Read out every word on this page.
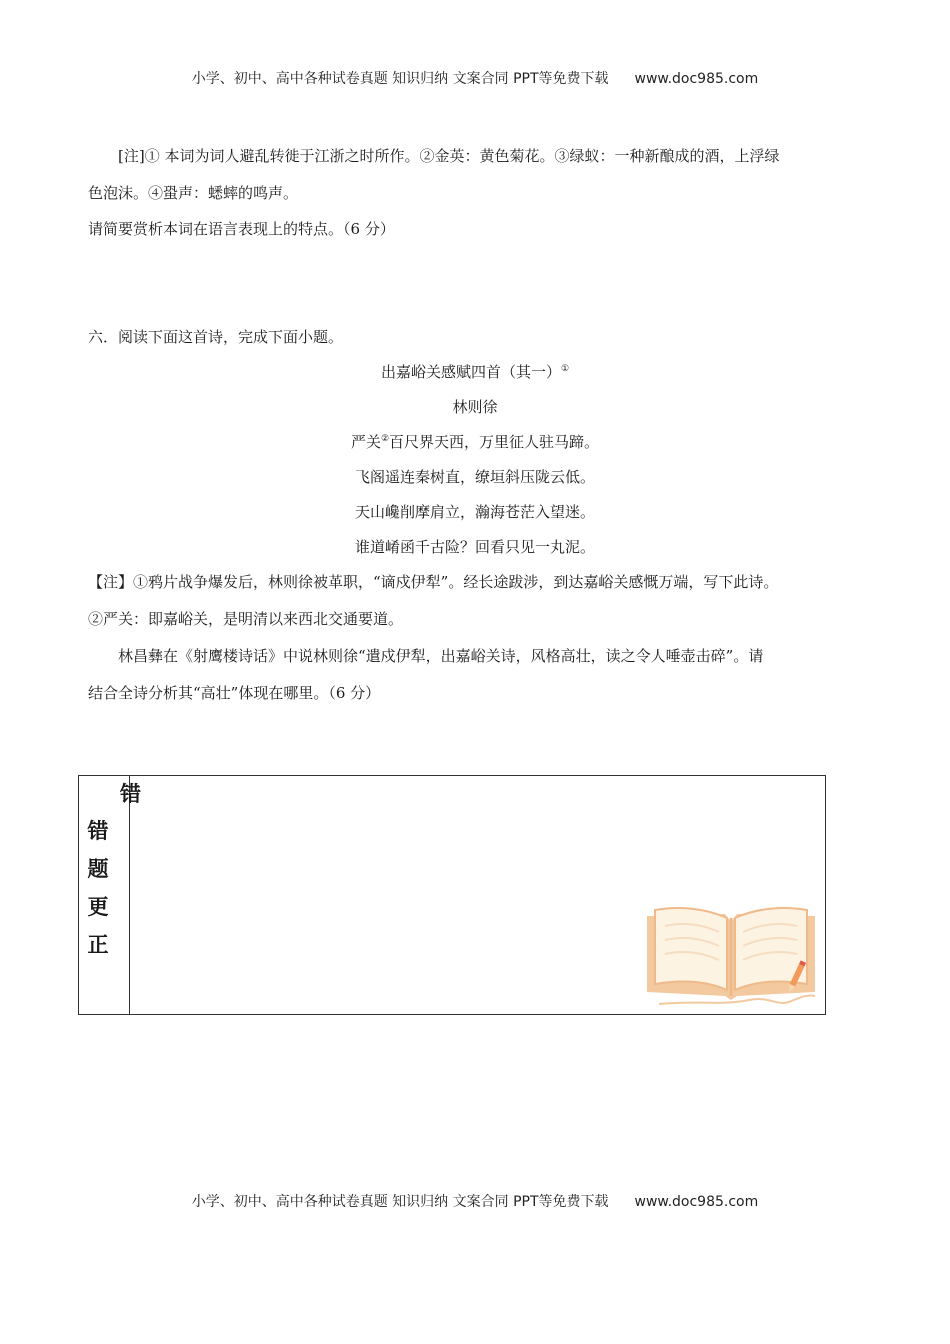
小学、初中、高中各种试卷真题 知识归纳 文案合同 PPT等免费下载 www.doc985.com
[注]① 本词为词人避乱转徙于江浙之时所作。②金英：黄色菊花。③绿蚁：一种新酿成的酒，上浮绿
色泡沫。④蛩声：蟋蟀的鸣声。
请简要赏析本词在语言表现上的特点。（6 分）
六．阅读下面这首诗，完成下面小题。
出嘉峪关感赋四首（其一）①
林则徐
严关②百尺界天西，万里征人驻马蹄。
飞阁遥连秦树直，缭垣斜压陇云低。
天山巉削摩肩立，瀚海苍茫入望迷。
谁道崤函千古险？回看只见一丸泥。
【注】①鸦片战争爆发后，林则徐被革职，“谪戍伊犁”。经长途跋涉，到达嘉峪关感慨万端，写下此诗。
②严关：即嘉峪关，是明清以来西北交通要道。
林昌彝在《射鹰楼诗话》中说林则徐“遣戍伊犁，出嘉峪关诗，风格高壮，读之令人唾壶击碎”。请
结合全诗分析其“高壮”体现在哪里。（6 分）
错
错
题
更
正
小学、初中、高中各种试卷真题 知识归纳 文案合同 PPT等免费下载 www.doc985.com
